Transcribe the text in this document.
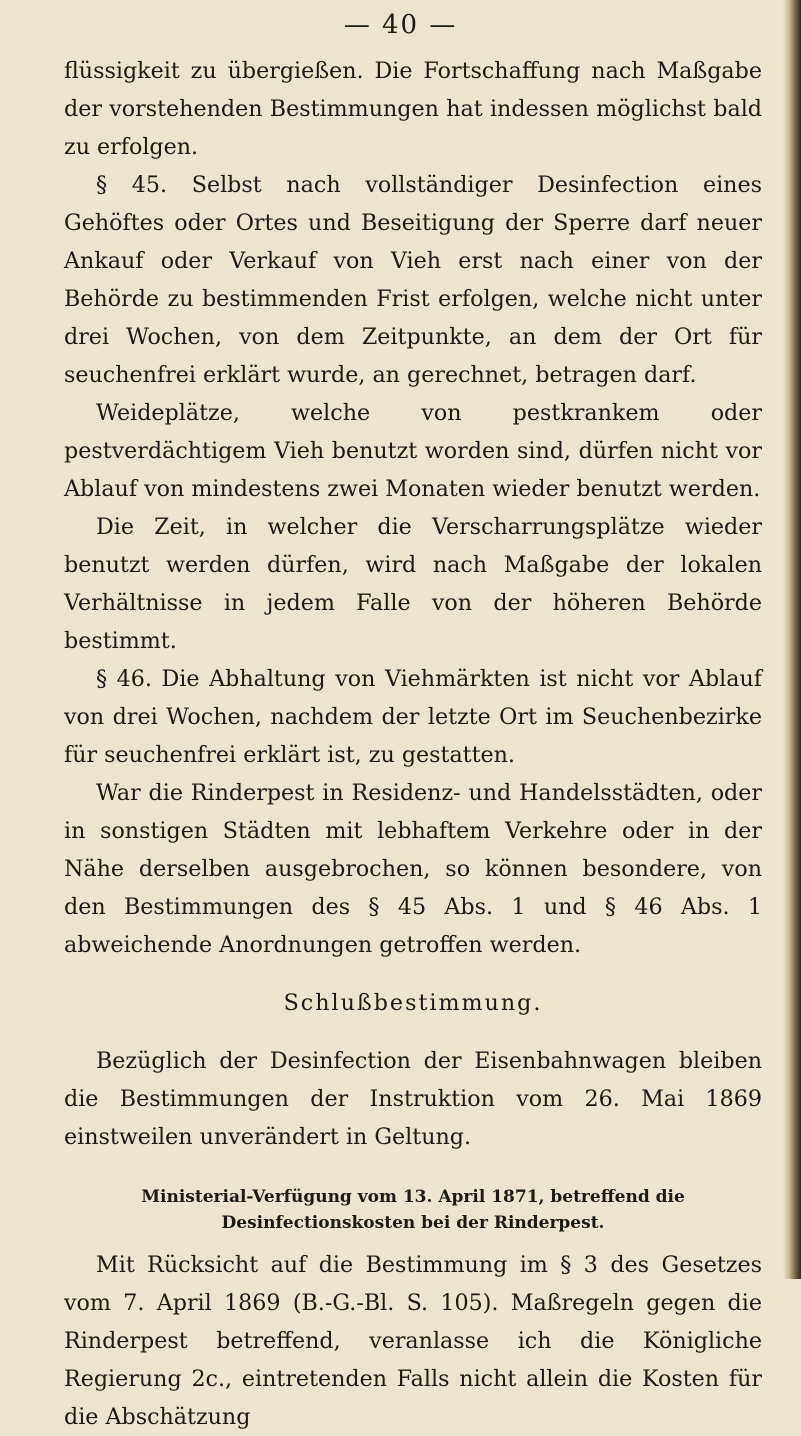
— 40 —

flüssigkeit zu übergießen. Die Fortschaffung nach Maßgabe der vorstehenden Bestimmungen hat indessen möglichst bald zu erfolgen.

§ 45. Selbst nach vollständiger Desinfection eines Gehöftes oder Ortes und Beseitigung der Sperre darf neuer Ankauf oder Verkauf von Vieh erst nach einer von der Behörde zu bestimmenden Frist erfolgen, welche nicht unter drei Wochen, von dem Zeitpunkte, an dem der Ort für seuchenfrei erklärt wurde, an gerechnet, betragen darf.

Weideplätze, welche von pestkrankem oder pestverdächtigem Vieh benutzt worden sind, dürfen nicht vor Ablauf von mindestens zwei Monaten wieder benutzt werden.

Die Zeit, in welcher die Verscharrungsplätze wieder benutzt werden dürfen, wird nach Maßgabe der lokalen Verhältnisse in jedem Falle von der höheren Behörde bestimmt.

§ 46. Die Abhaltung von Viehmärkten ist nicht vor Ablauf von drei Wochen, nachdem der letzte Ort im Seuchenbezirke für seuchenfrei erklärt ist, zu gestatten.

War die Rinderpest in Residenz- und Handelsstädten, oder in sonstigen Städten mit lebhaftem Verkehre oder in der Nähe derselben ausgebrochen, so können besondere, von den Bestimmungen des § 45 Abs. 1 und § 46 Abs. 1 abweichende Anordnungen getroffen werden.

Schlußbestimmung.

Bezüglich der Desinfection der Eisenbahnwagen bleiben die Bestimmungen der Instruktion vom 26. Mai 1869 einstweilen unverändert in Geltung.

Ministerial-Verfügung vom 13. April 1871, betreffend die Desinfectionskosten bei der Rinderpest.

Mit Rücksicht auf die Bestimmung im § 3 des Gesetzes vom 7. April 1869 (B.-G.-Bl. S. 105). Maßregeln gegen die Rinderpest betreffend, veranlasse ich die Königliche Regierung 2c., eintretenden Falls nicht allein die Kosten für die Abschätzung
